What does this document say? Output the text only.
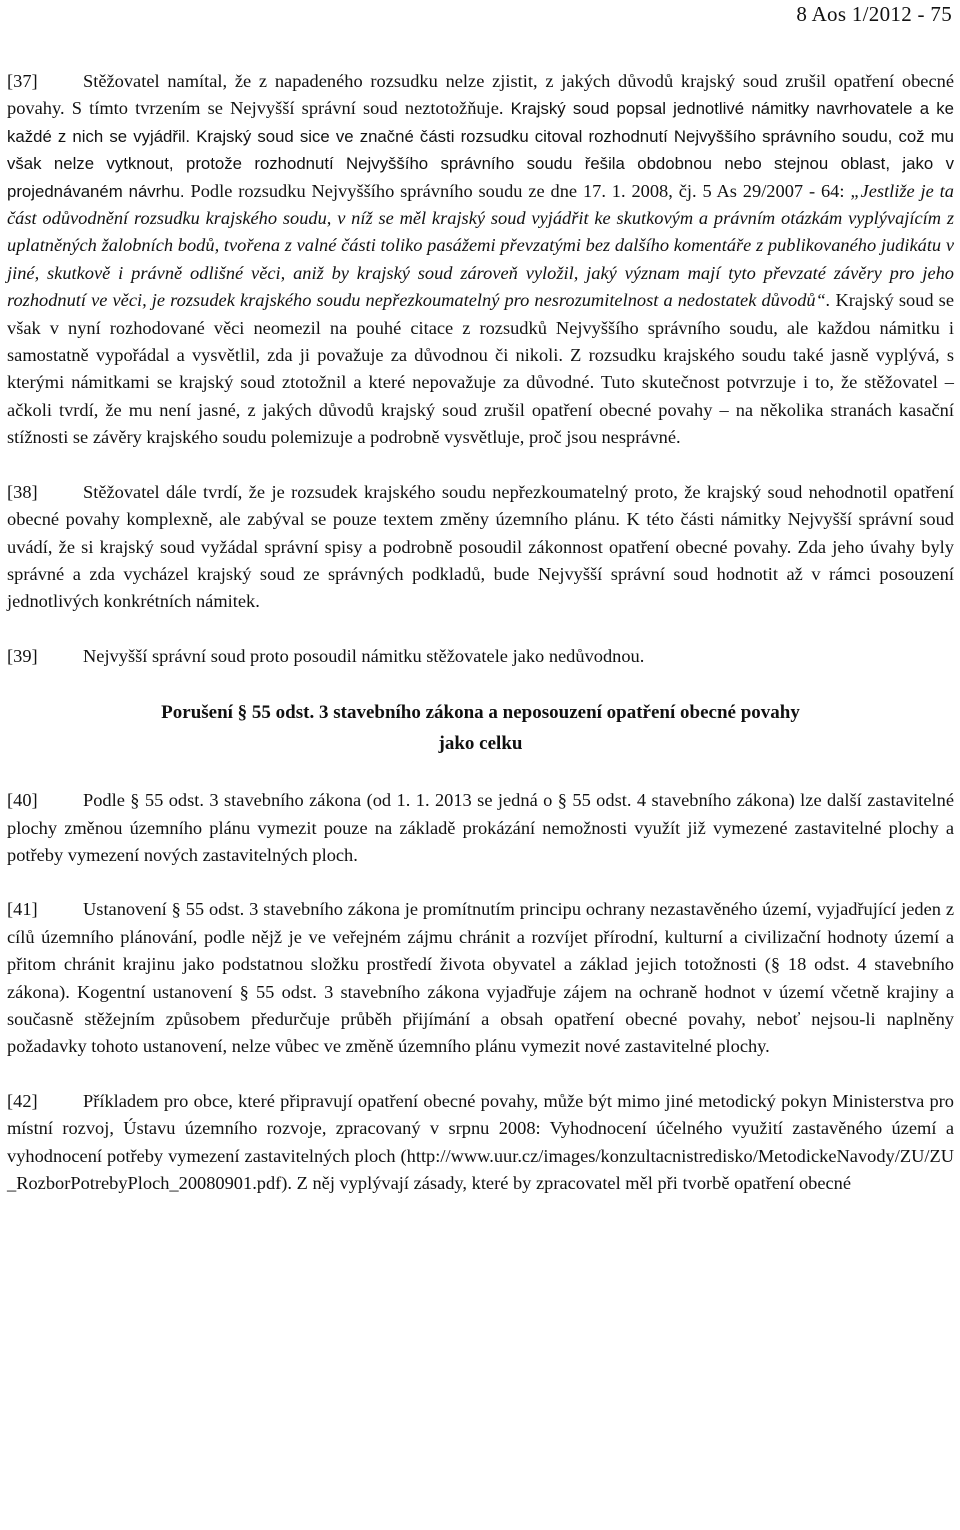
8 Aos 1/2012 - 75

[37] Stěžovatel namítal, že z napadeného rozsudku nelze zjistit, z jakých důvodů krajský soud zrušil opatření obecné povahy. S tímto tvrzením se Nejvyšší správní soud neztotožňuje. Krajský soud popsal jednotlivé námitky navrhovatele a ke každé z nich se vyjádřil. Krajský soud sice ve značné části rozsudku citoval rozhodnutí Nejvyššího správního soudu, což mu však nelze vytknout, protože rozhodnutí Nejvyššího správního soudu řešila obdobnou nebo stejnou oblast, jako v projednávaném návrhu. Podle rozsudku Nejvyššího správního soudu ze dne 17. 1. 2008, čj. 5 As 29/2007 - 64: „Jestliže je ta část odůvodnění rozsudku krajského soudu, v níž se měl krajský soud vyjádřit ke skutkovým a právním otázkám vyplývajícím z uplatněných žalobních bodů, tvořena z valné části toliko pasážemi převzatými bez dalšího komentáře z publikovaného judikátu v jiné, skutkově i právně odlišné věci, aniž by krajský soud zároveň vyložil, jaký význam mají tyto převzaté závěry pro jeho rozhodnutí ve věci, je rozsudek krajského soudu nepřezkoumatelný pro nesrozumitelnost a nedostatek důvodů“. Krajský soud se však v nyní rozhodované věci neomezil na pouhé citace z rozsudků Nejvyššího správního soudu, ale každou námitku i samostatně vypořádal a vysvětlil, zda ji považuje za důvodnou či nikoli. Z rozsudku krajského soudu také jasně vyplývá, s kterými námitkami se krajský soud ztotožnil a které nepovažuje za důvodné. Tuto skutečnost potvrzuje i to, že stěžovatel – ačkoli tvrdí, že mu není jasné, z jakých důvodů krajský soud zrušil opatření obecné povahy – na několika stranách kasační stížnosti se závěry krajského soudu polemizuje a podrobně vysvětluje, proč jsou nesprávné.

[38] Stěžovatel dále tvrdí, že je rozsudek krajského soudu nepřezkoumatelný proto, že krajský soud nehodnotil opatření obecné povahy komplexně, ale zabýval se pouze textem změny územního plánu. K této části námitky Nejvyšší správní soud uvádí, že si krajský soud vyžádal správní spisy a podrobně posoudil zákonnost opatření obecné povahy. Zda jeho úvahy byly správné a zda vycházel krajský soud ze správných podkladů, bude Nejvyšší správní soud hodnotit až v rámci posouzení jednotlivých konkrétních námitek.

[39] Nejvyšší správní soud proto posoudil námitku stěžovatele jako nedůvodnou.

Porušení § 55 odst. 3 stavebního zákona a neposouzení opatření obecné povahy
jako celku

[40] Podle § 55 odst. 3 stavebního zákona (od 1. 1. 2013 se jedná o § 55 odst. 4 stavebního zákona) lze další zastavitelné plochy změnou územního plánu vymezit pouze na základě prokázání nemožnosti využít již vymezené zastavitelné plochy a potřeby vymezení nových zastavitelných ploch.

[41] Ustanovení § 55 odst. 3 stavebního zákona je promítnutím principu ochrany nezastavěného území, vyjadřující jeden z cílů územního plánování, podle nějž je ve veřejném zájmu chránit a rozvíjet přírodní, kulturní a civilizační hodnoty území a přitom chránit krajinu jako podstatnou složku prostředí života obyvatel a základ jejich totožnosti (§ 18 odst. 4 stavebního zákona). Kogentní ustanovení § 55 odst. 3 stavebního zákona vyjadřuje zájem na ochraně hodnot v území včetně krajiny a současně stěžejním způsobem předurčuje průběh přijímání a obsah opatření obecné povahy, neboť nejsou-li naplněny požadavky tohoto ustanovení, nelze vůbec ve změně územního plánu vymezit nové zastavitelné plochy.

[42] Příkladem pro obce, které připravují opatření obecné povahy, může být mimo jiné metodický pokyn Ministerstva pro místní rozvoj, Ústavu územního rozvoje, zpracovaný v srpnu 2008: Vyhodnocení účelného využití zastavěného území a vyhodnocení potřeby vymezení zastavitelných ploch (http://www.uur.cz/images/konzultacnistredisko/MetodickeNavody/ZU/ZU_RozborPotrebyPloch_20080901.pdf). Z něj vyplývají zásady, které by zpracovatel měl při tvorbě opatření obecné
